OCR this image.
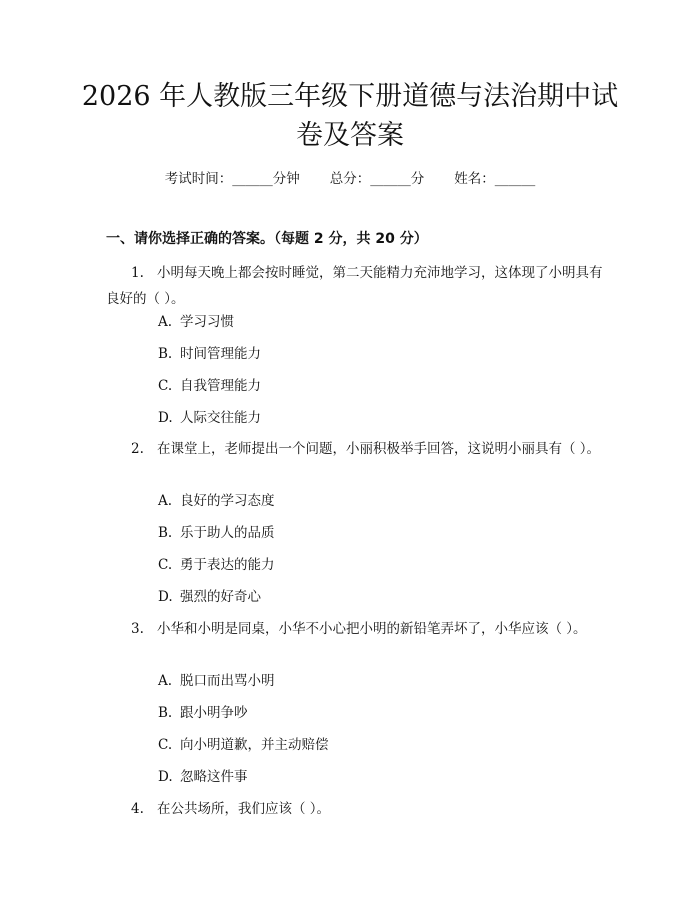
2026 年人教版三年级下册道德与法治期中试
卷及答案
考试时间：______分钟 总分：______分 姓名：______
一、请你选择正确的答案。（每题 2 分，共 20 分）

1. 小明每天晚上都会按时睡觉，第二天能精力充沛地学习，这体现了小明具有良好的（ ）。

A. 学习习惯
B. 时间管理能力
C. 自我管理能力
D. 人际交往能力

2. 在课堂上，老师提出一个问题，小丽积极举手回答，这说明小丽具有（ ）。

A. 良好的学习态度
B. 乐于助人的品质
C. 勇于表达的能力
D. 强烈的好奇心

3. 小华和小明是同桌，小华不小心把小明的新铅笔弄坏了，小华应该（ ）。

A. 脱口而出骂小明
B. 跟小明争吵
C. 向小明道歉，并主动赔偿
D. 忽略这件事

4. 在公共场所，我们应该（ ）。
